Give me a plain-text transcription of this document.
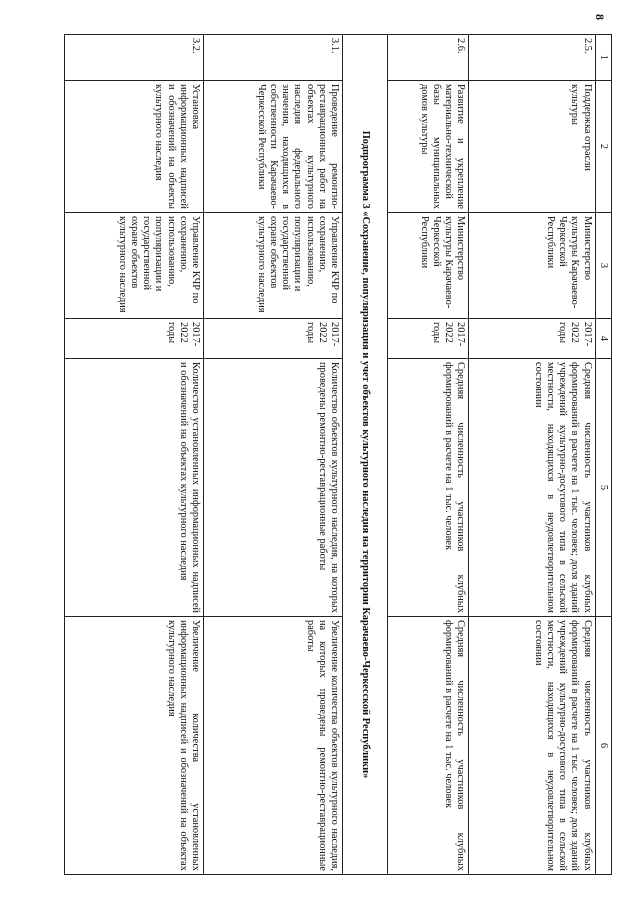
8
1	2	3	4	5	6
2.5.	Поддержка отрасли культуры	Министерство культуры Карачаево-Черкесской Республики	2017-2022 годы	Средняя численность участников клубных формирований в расчете на 1 тыс. человек; доля зданий учреждений культурно-досугового типа в сельской местности, находящихся в неудовлетворительном состоянии	Средняя численность участников клубных формирований в расчете на 1 тыс. человек; доля зданий учреждений культурно-досугового типа в сельской местности, находящихся в неудовлетворительном состоянии
2.6.	Развитие и укрепление материально-технической базы муниципальных домов культуры	Министерство культуры Карачаево-Черкесской Республики	2017-2022 годы	Средняя численность участников клубных формирований в расчете на 1 тыс. человек	Средняя численность участников клубных формирований в расчете на 1 тыс. человек
Подпрограмма 3 «Сохранение, популяризация и учет объектов культурного наследия на территории Карачаево-Черкесской Республики»					
3.1.	Проведение ремонтно-реставрационных работ на объектах культурного наследия федерального значения, находящихся в собственности Карачаево-Черкесской Республики	Управление КЧР по сохранению, использованию, популяризации и государственной охране объектов культурного наследия	2017-2022 годы	Количество объектов культурного наследия, на которых проведены ремонтно-реставрационные работы	Увеличение количества объектов культурного наследия, на которых проведены ремонтно-реставрационные работы
3.2.	Установка информационных надписей и обозначений на объекты культурного наследия	Управление КЧР по сохранению, использованию, популяризации и государственной охране объектов культурного наследия	2017-2022 годы	Количество установленных информационных надписей и обозначений на объектах культурного наследия	Увеличение количества установленных информационных надписей и обозначений на объектах культурного наследия
